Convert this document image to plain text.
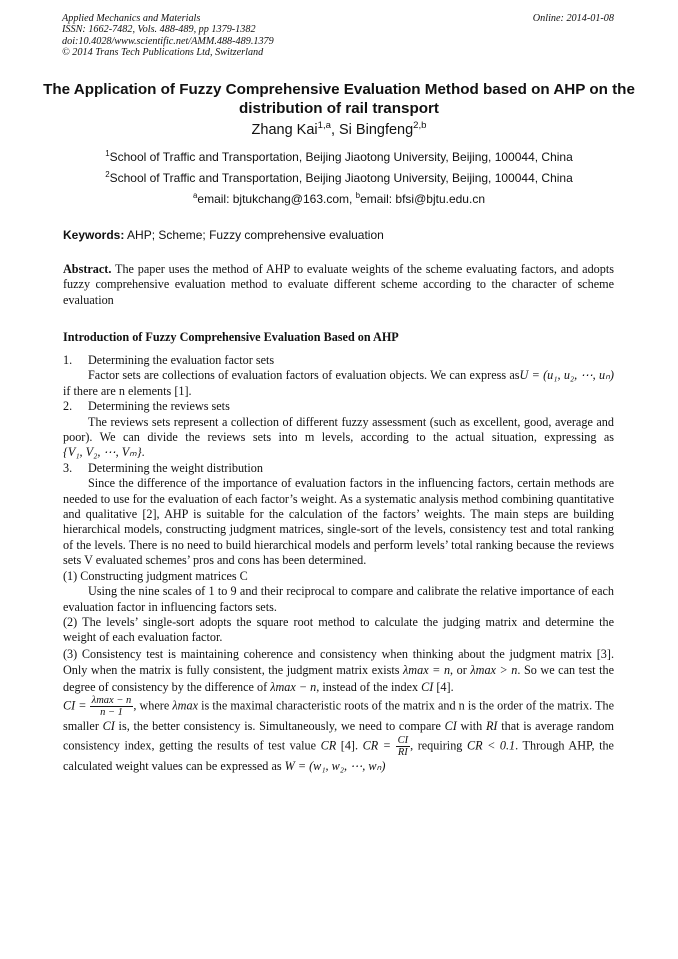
Applied Mechanics and Materials
ISSN: 1662-7482, Vols. 488-489, pp 1379-1382
doi:10.4028/www.scientific.net/AMM.488-489.1379
© 2014 Trans Tech Publications Ltd, Switzerland
Online: 2014-01-08
The Application of Fuzzy Comprehensive Evaluation Method based on AHP on the distribution of rail transport
Zhang Kai$^{1,a}$, Si Bingfeng$^{2,b}$
$^1$School of Traffic and Transportation, Beijing Jiaotong University, Beijing, 100044, China
$^2$School of Traffic and Transportation, Beijing Jiaotong University, Beijing, 100044, China
$^a$email: bjtukchang@163.com, $^b$email: bfsi@bjtu.edu.cn
Keywords: AHP; Scheme; Fuzzy comprehensive evaluation

Abstract. The paper uses the method of AHP to evaluate weights of the scheme evaluating factors, and adopts fuzzy comprehensive evaluation method to evaluate different scheme according to the character of scheme evaluation

Introduction of Fuzzy Comprehensive Evaluation Based on AHP
1.	Determining the evaluation factor sets

Factor sets are collections of evaluation factors of evaluation objects. We can express asU = (u₁, u₂, ⋯, uₙ) if there are n elements [1].

2.	Determining the reviews sets

The reviews sets represent a collection of different fuzzy assessment (such as excellent, good, average and poor). We can divide the reviews sets into m levels, according to the actual situation, expressing as {V₁, V₂, ⋯, Vₘ}.

3.	Determining the weight distribution

Since the difference of the importance of evaluation factors in the influencing factors, certain methods are needed to use for the evaluation of each factor’s weight. As a systematic analysis method combining quantitative and qualitative [2], AHP is suitable for the calculation of the factors’ weights. The main steps are building hierarchical models, constructing judgment matrices, single-sort of the levels, consistency test and total ranking of the levels. There is no need to build hierarchical models and perform levels’ total ranking because the reviews sets V evaluated schemes’ pros and cons has been determined.

(1) Constructing judgment matrices C

Using the nine scales of 1 to 9 and their reciprocal to compare and calibrate the relative importance of each evaluation factor in influencing factors sets.

(2) The levels’ single-sort adopts the square root method to calculate the judging matrix and determine the weight of each evaluation factor.

(3) Consistency test is maintaining coherence and consistency when thinking about the judgment matrix [3]. Only when the matrix is fully consistent, the judgment matrix exists λmax = n, or λmax > n. So we can test the degree of consistency by the difference of λmax − n, instead of the index CI [4].

CI = $\frac{\lambda\max - n}{n - 1}$ , where λmax is the maximal characteristic roots of the matrix and n is the order of the matrix. The smaller CI is, the better consistency is. Simultaneously, we need to compare CI with RI that is average random consistency index, getting the results of test value CR [4]. CR = $\frac{CI}{RI}$ , requiring CR < 0.1. Through AHP, the calculated weight values can be expressed as W = (w₁, w₂, ⋯, wₙ)
